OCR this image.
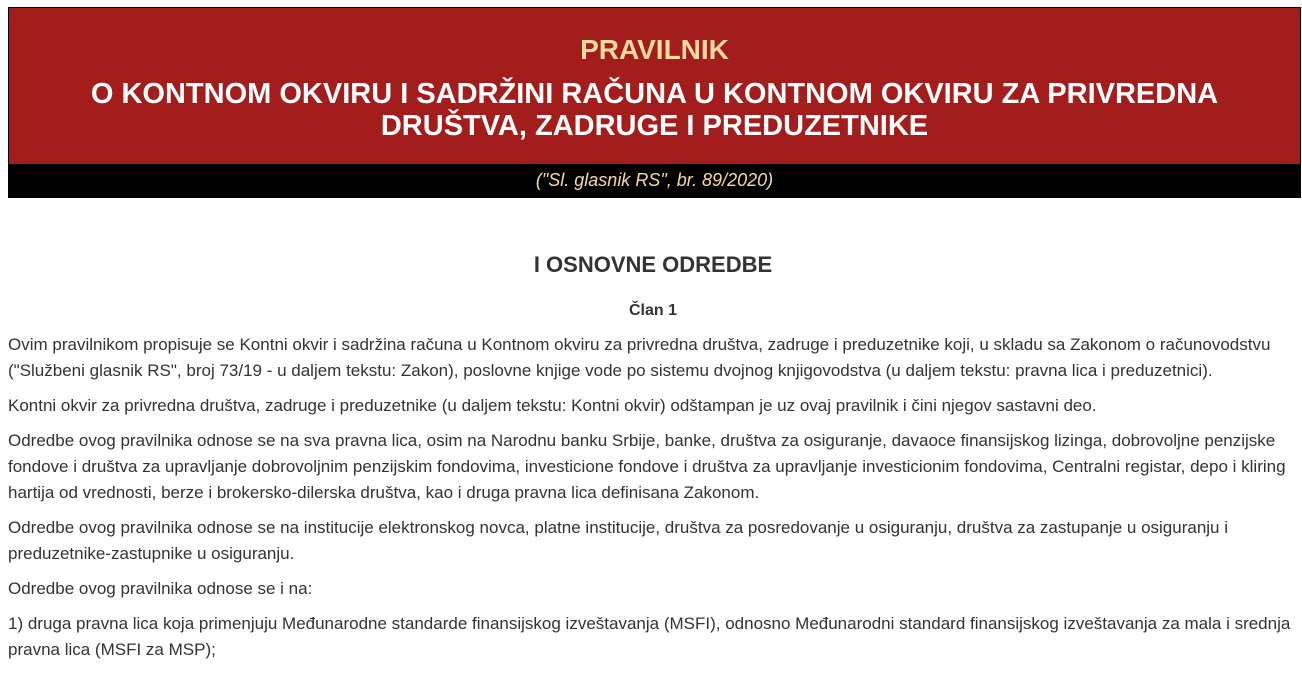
PRAVILNIK

O KONTNOM OKVIRU I SADRŽINI RAČUNA U KONTNOM OKVIRU ZA PRIVREDNA DRUŠTVA, ZADRUGE I PREDUZETNIKE

("Sl. glasnik RS", br. 89/2020)
I OSNOVNE ODREDBE

Član 1

Ovim pravilnikom propisuje se Kontni okvir i sadržina računa u Kontnom okviru za privredna društva, zadruge i preduzetnike koji, u skladu sa Zakonom o računovodstvu ("Službeni glasnik RS", broj 73/19 - u daljem tekstu: Zakon), poslovne knjige vode po sistemu dvojnog knjigovodstva (u daljem tekstu: pravna lica i preduzetnici).

Kontni okvir za privredna društva, zadruge i preduzetnike (u daljem tekstu: Kontni okvir) odštampan je uz ovaj pravilnik i čini njegov sastavni deo.

Odredbe ovog pravilnika odnose se na sva pravna lica, osim na Narodnu banku Srbije, banke, društva za osiguranje, davaoce finansijskog lizinga, dobrovoljne penzijske fondove i društva za upravljanje dobrovoljnim penzijskim fondovima, investicione fondove i društva za upravljanje investicionim fondovima, Centralni registar, depo i kliring hartija od vrednosti, berze i brokersko-dilerska društva, kao i druga pravna lica definisana Zakonom.

Odredbe ovog pravilnika odnose se na institucije elektronskog novca, platne institucije, društva za posredovanje u osiguranju, društva za zastupanje u osiguranju i preduzetnike-zastupnike u osiguranju.

Odredbe ovog pravilnika odnose se i na:

1) druga pravna lica koja primenjuju Međunarodne standarde finansijskog izveštavanja (MSFI), odnosno Međunarodni standard finansijskog izveštavanja za mala i srednja pravna lica (MSFI za MSP);
